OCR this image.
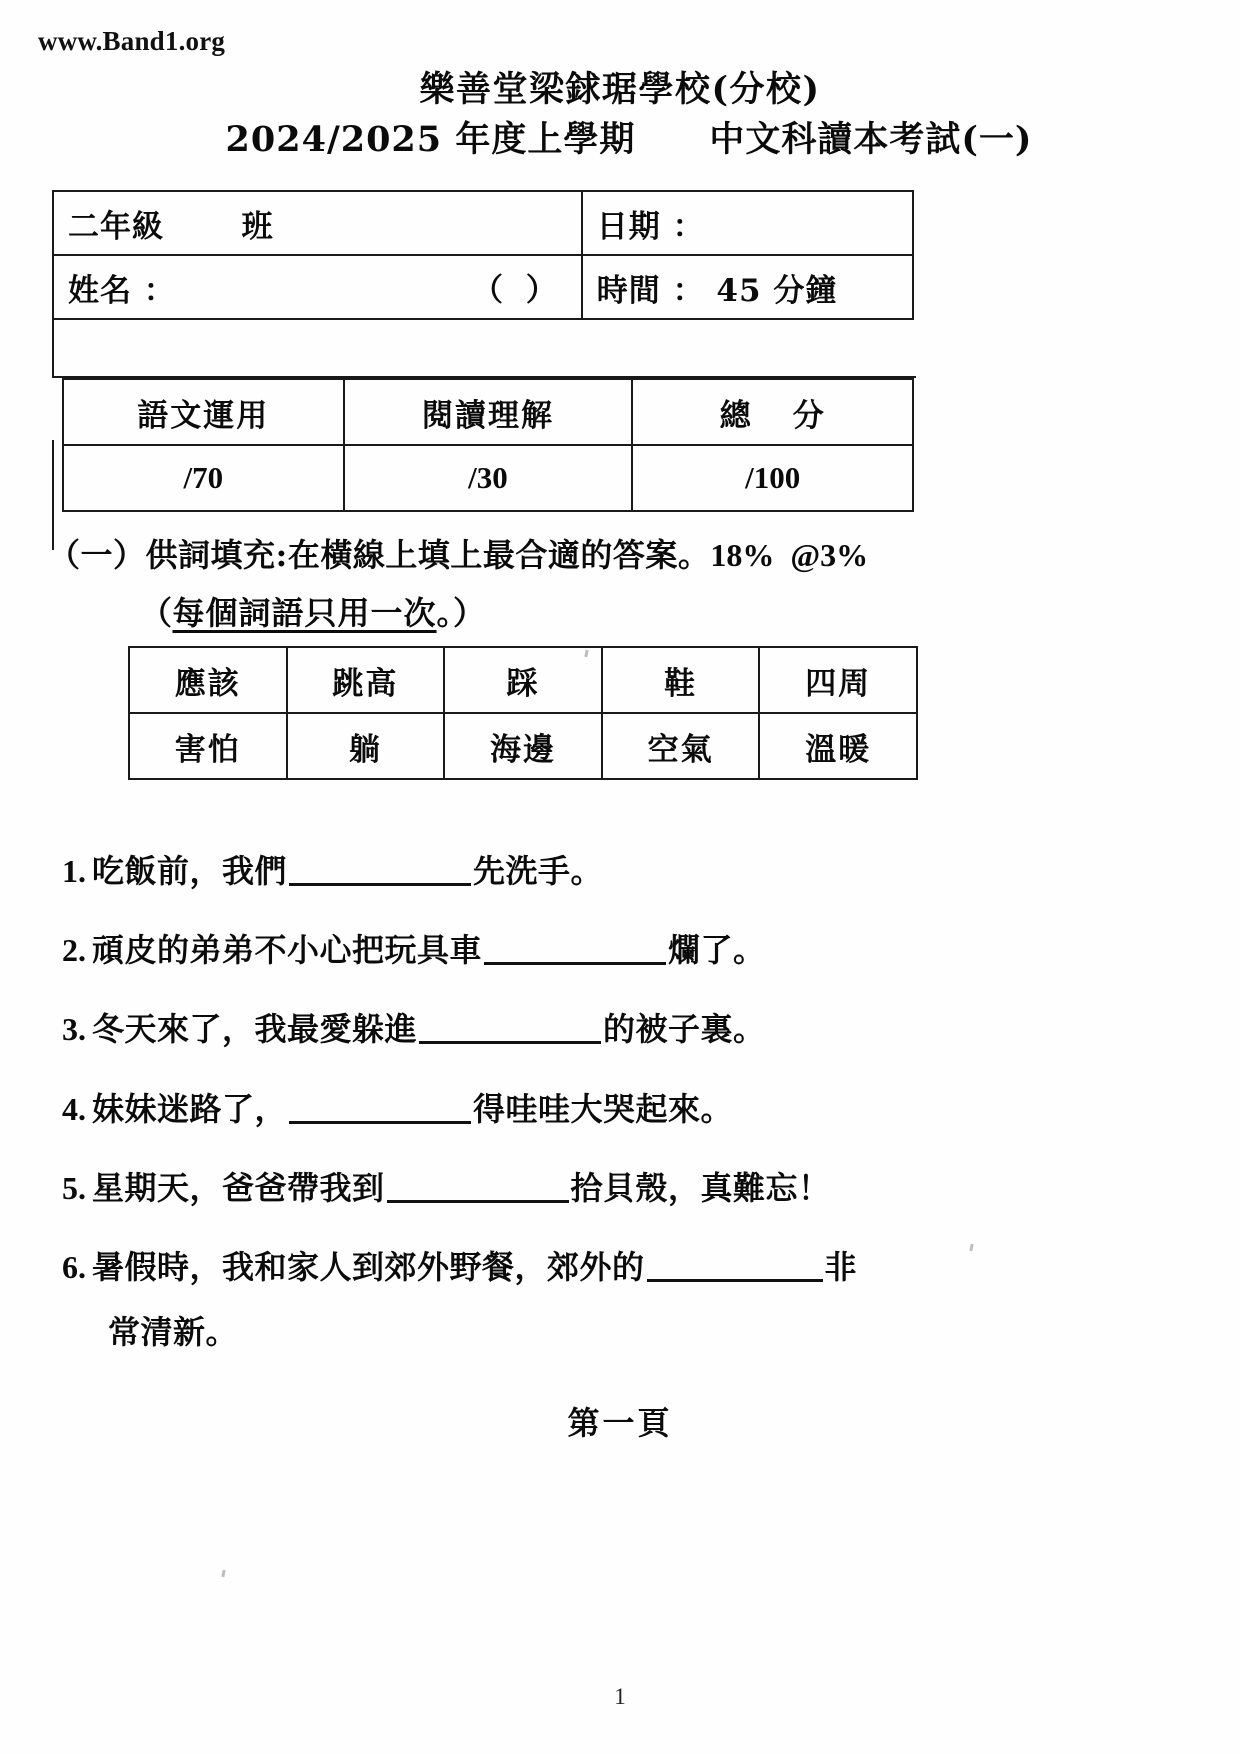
www.Band1.org
樂善堂梁銶琚學校(分校)
2024/2025 年度上學期 中文科讀本考試(一)
二年級 班	日期 ：
姓名 ： （ ）	時間 ： 45 分鐘
語文運用	閱讀理解	總 分
/70	/30	/100
（一）供詞填充:在橫線上填上最合適的答案。18% @3%
（每個詞語只用一次。）
應該	跳高	踩	鞋	四周
害怕	躺	海邊	空氣	溫暖
1. 吃飯前，我們	先洗手。
2. 頑皮的弟弟不小心把玩具車	爛了。
3. 冬天來了，我最愛躲進	的被子裏。
4. 妹妹迷路了，	得哇哇大哭起來。
5. 星期天，爸爸帶我到	拾貝殼，真難忘！
6. 暑假時，我和家人到郊外野餐，郊外的	非
常清新。
第一頁
1
